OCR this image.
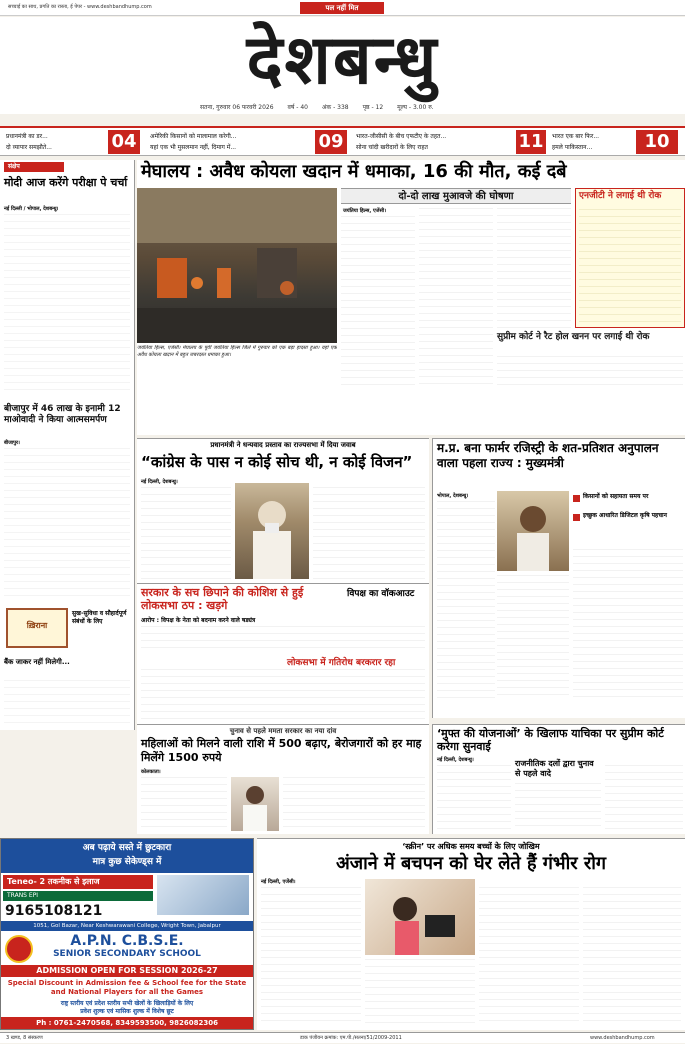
सच्चाई का साथ, प्रगति का रास्ता, ई पेपर - www.deshbandhump.com	पल नहीं मित
देशबन्धु
सतना, गुरुवार 06 फरवरी 2026 वर्ष - 40 अंक - 338 पृष्ठ - 12 मूल्य - 3.00 रु.
प्रधानमंत्री का डर...
दो व्यापार समझौते...	04	अमेरिकी किसानों को मालामाल करेगी...
यहां एक भी मुसलमान नहीं, दिमाग में...	09	भारत-जीसीसी के बीच एफटीए के तहत...
सोना चांदी खरीदारों के लिए राहत	11	भारत एक बार फिर...
हमले पाकिस्तान...	10
संक्षेप
मोदी आज करेंगे परीक्षा पे चर्चा
नई दिल्ली / भोपाल, देशबन्धु।
बीजापुर में 46 लाख के इनामी 12 माओवादी ने किया आत्मसमर्पण
बीजापुर।
ख़िराना
सुख-सुविधा व सौहार्दपूर्ण संबंधों के लिए
बैंक जाकर नहीं मिलेगी...
मेघालय : अवैध कोयला खदान में धमाका, 16 की मौत, कई दबे
जयंतिया हिल्स, एजेंसी। मेघालय के पूर्वी जयंतिया हिल्स जिले में गुरुवार को एक बड़ा हादसा हुआ। यहां एक अवैध कोयला खदान में बहुत जबरदस्त धमाका हुआ।
दो-दो लाख मुआवजे की घोषणा
जयंतिया हिल्स, एजेंसी।
एनजीटी ने लगाई थी रोक
सुप्रीम कोर्ट ने रैट होल खनन पर लगाई थी रोक
प्रधानमंत्री ने धन्यवाद प्रस्ताव का राज्यसभा में दिया जवाब
“कांग्रेस के पास न कोई सोच थी, न कोई विजन”
नई दिल्ली, देशबन्धु।
सरकार के सच छिपाने की कोशिश से हुई लोकसभा ठप : खड़गे
आरोप : विपक्ष के नेता को बदनाम करने वाले षड्यंत्र
विपक्ष का वॉकआउट
लोकसभा में गतिरोध बरकरार रहा
म.प्र. बना फार्मर रजिस्ट्री के शत-प्रतिशत अनुपालन वाला पहला राज्य : मुख्यमंत्री
भोपाल, देशबन्धु।	किसानों को सहायता समय पर
इच्छुक आधारित डिजिटल कृषि पहचान
चुनाव से पहले ममता सरकार का नया दांव
महिलाओं को मिलने वाली राशि में 500 बढ़ाए, बेरोजगारों को हर माह मिलेंगे 1500 रुपये
कोलकाता।
‘मुफ्त की योजनाओं’ के खिलाफ याचिका पर सुप्रीम कोर्ट करेगा सुनवाई
नई दिल्ली, देशबन्धु।	राजनीतिक दलों द्वारा चुनाव से पहले वादे
अब पढ़ाये सस्ते में छुटकारा
मात्र कुछ सेकेण्ड्स में
Teneo- 2 तकनीक से इलाज
TRANS EPI
9165108121
1051, Gol Bazar, Near Keshwarawani College, Wright Town, Jabalpur
A.P.N. C.B.S.E.
SENIOR SECONDARY SCHOOL
ADMISSION OPEN FOR SESSION 2026-27
Special Discount in Admission fee & School fee for the State and National Players for all the Games
राष्ट्र स्तरीय एवं प्रदेश स्तरीय सभी खेलों के खिलाड़ियों के लिए
प्रवेश शुल्क एवं मासिक शुल्क में विशेष छूट
Ph : 0761-2470568, 8349593500, 9826082306
‘स्क्रीन’ पर अधिक समय बच्चों के लिए जोखिम
अंजाने में बचपन को घेर लेते हैं गंभीर रोग
नई दिल्ली, एजेंसी।
3 खण्ड, 8 संस्करण	डाक पंजीयन क्रमांक: एम.पी./सतना/51/2009-2011	www.deshbandhump.com
